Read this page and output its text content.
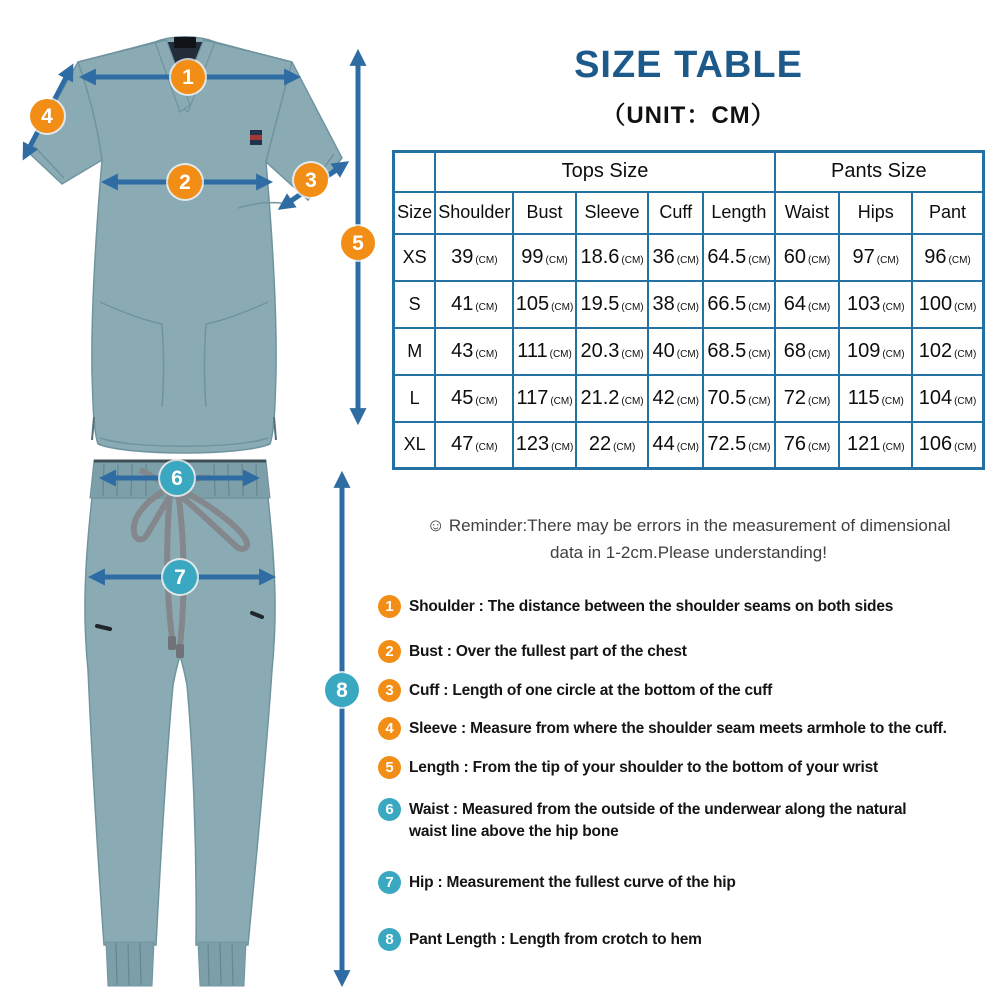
1
2	3
4
5
6
7
8
SIZE TABLE
（UNIT：CM）
	Tops Size					Pants Size		
Size	Shoulder	Bust	Sleeve	Cuff	Length	Waist	Hips	Pant
XS	39 (CM)	99 (CM)	18.6 (CM)	36 (CM)	64.5 (CM)	60 (CM)	97 (CM)	96 (CM)
S	41 (CM)	105 (CM)	19.5 (CM)	38 (CM)	66.5 (CM)	64 (CM)	103 (CM)	100 (CM)
M	43 (CM)	111 (CM)	20.3 (CM)	40 (CM)	68.5 (CM)	68 (CM)	109 (CM)	102 (CM)
L	45 (CM)	117 (CM)	21.2 (CM)	42 (CM)	70.5 (CM)	72 (CM)	115 (CM)	104 (CM)
XL	47 (CM)	123 (CM)	22 (CM)	44 (CM)	72.5 (CM)	76 (CM)	121 (CM)	106 (CM)
☺ Reminder:There may be errors in the measurement of dimensional
data in 1-2cm.Please understanding!
1 Shoulder : The distance between the shoulder seams on both sides
2 Bust : Over the fullest part of the chest
3 Cuff : Length of one circle at the bottom of the cuff
4 Sleeve : Measure from where the shoulder seam meets armhole to the cuff.
5 Length : From the tip of your shoulder to the bottom of your wrist
6 Waist : Measured from the outside of the underwear along the natural waist line above the hip bone
7 Hip : Measurement the fullest curve of the hip
8 Pant Length : Length from crotch to hem
